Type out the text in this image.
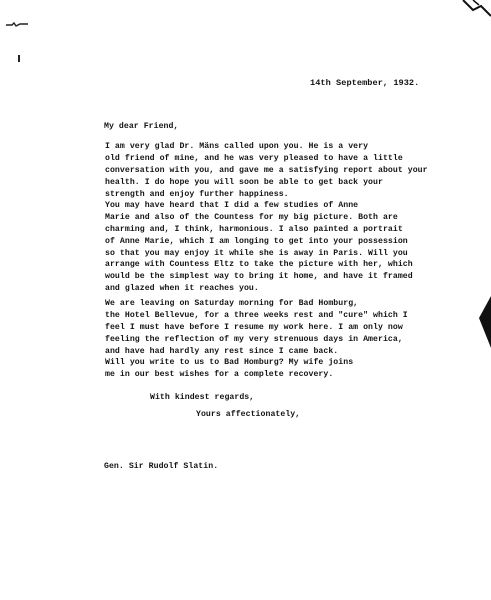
14th September, 1932.
My dear Friend,
I am very glad Dr. Mäns called upon you. He is a very
old friend of mine, and he was very pleased to have a little
conversation with you, and gave me a satisfying report about your
health. I do hope you will soon be able to get back your
strength and enjoy further happiness.
You may have heard that I did a few studies of Anne
Marie and also of the Countess for my big picture. Both are
charming and, I think, harmonious. I also painted a portrait
of Anne Marie, which I am longing to get into your possession
so that you may enjoy it while she is away in Paris. Will you
arrange with Countess Eltz to take the picture with her, which
would be the simplest way to bring it home, and have it framed
and glazed when it reaches you.
We are leaving on Saturday morning for Bad Homburg,
the Hotel Bellevue, for a three weeks rest and "cure" which I
feel I must have before I resume my work here. I am only now
feeling the reflection of my very strenuous days in America,
and have had hardly any rest since I came back.
Will you write to us to Bad Homburg? My wife joins
me in our best wishes for a complete recovery.
With kindest regards,
Yours affectionately,
Gen. Sir Rudolf Slatin.
